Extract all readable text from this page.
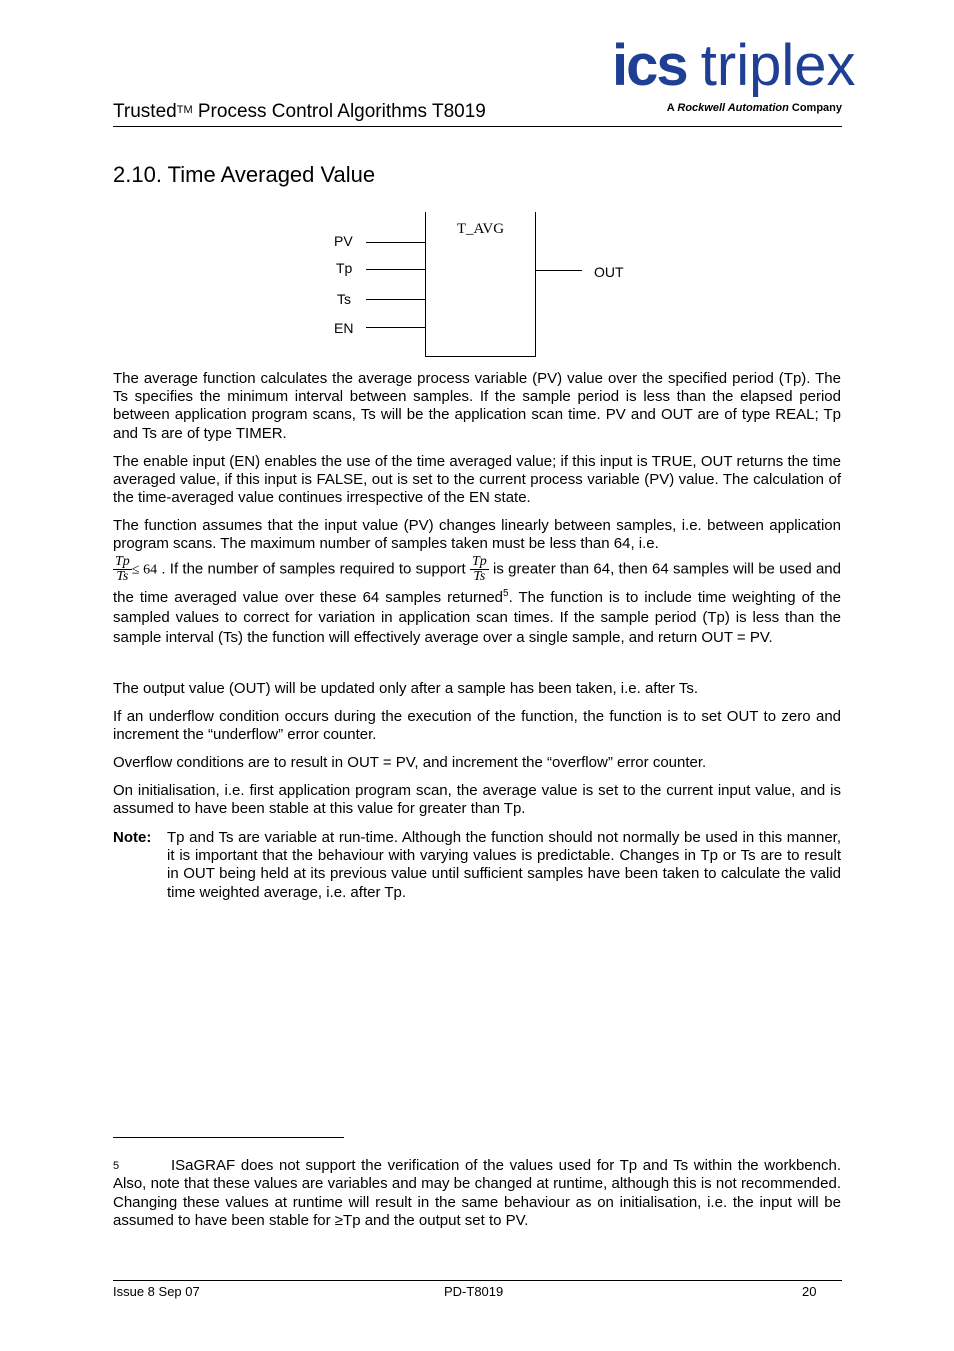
Trusted™ Process Control Algorithms T8019
ics triplex
A Rockwell Automation Company
2.10. Time Averaged Value
T_AVG
PV
Tp
Ts
EN
OUT
The average function calculates the average process variable (PV) value over the specified period (Tp). The Ts specifies the minimum interval between samples. If the sample period is less than the elapsed period between application program scans, Ts will be the application scan time. PV and OUT are of type REAL; Tp and Ts are of type TIMER.
The enable input (EN) enables the use of the time averaged value; if this input is TRUE, OUT returns the time averaged value, if this input is FALSE, out is set to the current process variable (PV) value. The calculation of the time-averaged value continues irrespective of the EN state.
The function assumes that the input value (PV) changes linearly between samples, i.e. between application program scans. The maximum number of samples taken must be less than 64, i.e.
$\frac{Tp}{Ts} \le 64$ . If the number of samples required to support $\frac{Tp}{Ts}$ is greater than 64, then 64 samples will be used and the time averaged value over these 64 samples returned$^5$. The function is to include time weighting of the sampled values to correct for variation in application scan times. If the sample period (Tp) is less than the sample interval (Ts) the function will effectively average over a single sample, and return OUT = PV.
The output value (OUT) will be updated only after a sample has been taken, i.e. after Ts.
If an underflow condition occurs during the execution of the function, the function is to set OUT to zero and increment the “underflow” error counter.
Overflow conditions are to result in OUT = PV, and increment the “overflow” error counter.
On initialisation, i.e. first application program scan, the average value is set to the current input value, and is assumed to have been stable at this value for greater than Tp.
Note: Tp and Ts are variable at run-time. Although the function should not normally be used in this manner, it is important that the behaviour with varying values is predictable. Changes in Tp or Ts are to result in OUT being held at its previous value until sufficient samples have been taken to calculate the valid time weighted average, i.e. after Tp.
5	ISaGRAF does not support the verification of the values used for Tp and Ts within the workbench. Also, note that these values are variables and may be changed at runtime, although this is not recommended. Changing these values at runtime will result in the same behaviour as on initialisation, i.e. the input will be assumed to have been stable for ≥Tp and the output set to PV.
Issue 8 Sep 07	PD-T8019	20
